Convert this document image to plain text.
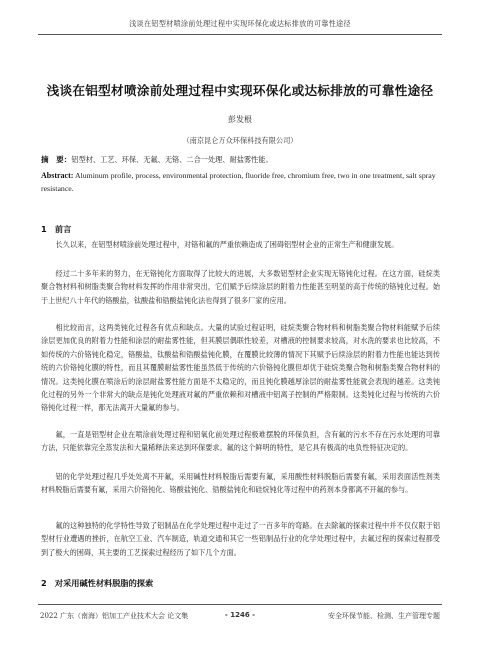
浅谈在铝型材喷涂前处理过程中实现环保化或达标排放的可靠性途径
浅谈在铝型材喷涂前处理过程中实现环保化或达标排放的可靠性途径
彭发根
（南京昆仑万众环保科技有限公司）
摘　要：铝型材、工艺、环保、无氟、无铬、二合一处理、耐盐雾性能。
Abstract: Aluminum profile, process, environmental protection, fluoride free, chromium free, two in one treatment, salt spray resistance.
1　前言
长久以来，在铝型材喷涂前处理过程中，对铬和氟的严重依赖造成了困碍铝型材企业的正常生产和健康发展。
经过二十多年来的努力，在无铬钝化方面取得了比较大的进展，大多数铝型材企业实现无铬钝化过程。在这方面，硅烷类聚合物材料和树脂类聚合物材料发挥的作用非常突出，它们赋予后续涂层的附着力性能甚至明显的高于传统的铬钝化过程。始于上世纪八十年代的铬酸盐，钛酸盐和锆酸盐钝化法也得到了很多厂家的应用。
相比较而言，这两类钝化过程各有优点和缺点。大量的试验过程证明，硅烷类聚合物材料和树脂类聚合物材料能赋予后续涂层更加优良的附着力性能和涂层的耐盐雾性能，但其膜层偶联性较差，对槽液的控制要求较高，对水洗的要求也比较高，不如传统的六价铬钝化稳定，铬酸盐，钛酸盐和锆酸盐钝化膜，在覆膜比较薄的情况下其赋予后续涂层的附着力性能也能达到传统的六价铬钝化膜的特性，而且其覆膜耐盐雾性能虽然低于传统的六价铬钝化膜但却优于硅烷类聚合物和树脂类聚合物材料的情况。这类钝化膜在喷涂后的涂层耐盐雾性能方面是不太稳定的，而且钝化膜越厚涂层的耐盐雾性能就会表现的越差。这类钝化过程的另外一个非常大的缺点是钝化处理液对氟的严重依赖和对槽液中铝离子控制的严格限制。这类钝化过程与传统的六价铬钝化过程一样，都无法离开大量氟的参与。
氟，一直是铝型材企业在喷涂前处理过程和铝氧化前处理过程极难摆脱的环保负担，含有氟的污水不存在污水处理的可靠方法，只能依靠完全蒸发法和大量稀释法来达到环保要求。氟的这个鲜明的特性，是它具有极高的电负性特征决定的。
铝的化学处理过程几乎处处离不开氟，采用碱性材料脱脂后需要有氟，采用酸性材料脱脂后需要有氟，采用表面活性剂类材料脱脂后需要有氟，采用六价铬钝化、铬酸盐钝化、锆酸盐钝化和硅烷钝化等过程中的药剂本身都离不开氟的参与。
氟的这种独特的化学特性导致了铝制品在化学处理过程中走过了一百多年的弯路。在去除氟的探索过程中并不仅仅限于铝型材行业遭遇的挫折，在航空工业、汽车制造，轨道交通和其它一些铝制品行业的化学处理过程中，去氟过程的探索过程都受到了极大的困碍，其主要的工艺探索过程经历了如下几个方面。
2　对采用碱性材料脱脂的探索
2022 广东（南海）铝加工产业技术大会 论文集	- 1246 -	安全环保节能、检测、生产管理专题
